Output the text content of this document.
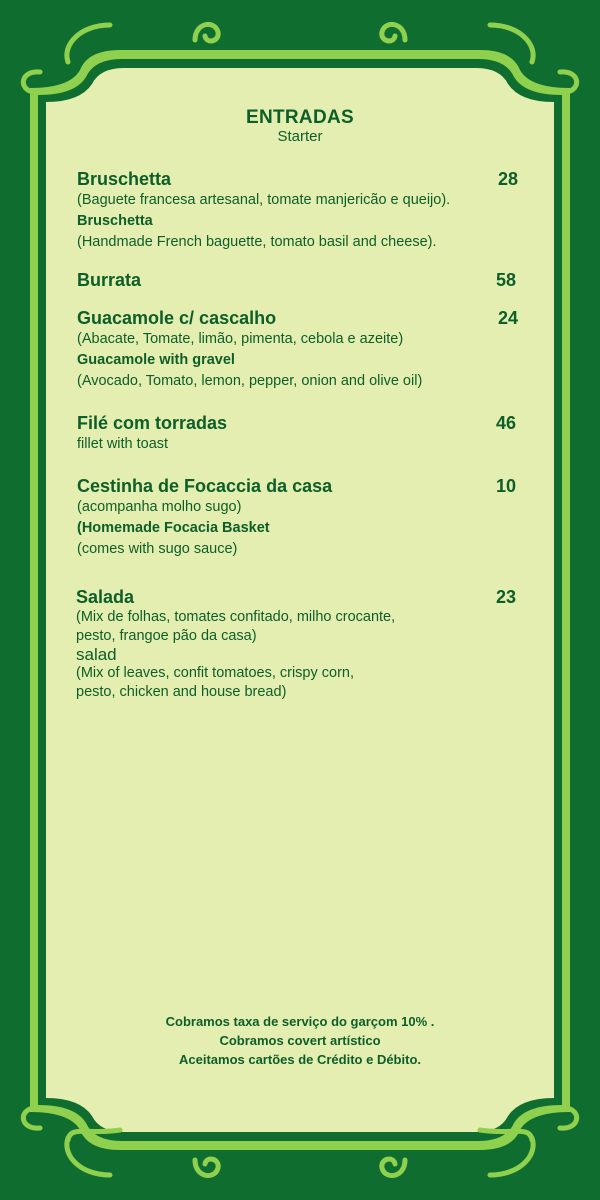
ENTRADAS
Starter
Bruschetta	28
(Baguete francesa artesanal, tomate manjericão e queijo).
Bruschetta
(Handmade French baguette, tomato basil and cheese).
Burrata	58
Guacamole c/ cascalho	24
(Abacate, Tomate, limão, pimenta, cebola e azeite)
Guacamole with gravel
(Avocado, Tomato, lemon, pepper, onion and olive oil)
Filé com torradas	46
fillet with toast
Cestinha de Focaccia da casa	10
(acompanha molho sugo)
(Homemade Focacia Basket
(comes with sugo sauce)
Salada	23
(Mix de folhas, tomates confitado, milho crocante,
pesto, frangoe pão da casa)
salad
(Mix of leaves, confit tomatoes, crispy corn,
pesto, chicken and house bread)
Cobramos taxa de serviço do garçom 10% .
Cobramos covert artístico
Aceitamos cartões de Crédito e Débito.
